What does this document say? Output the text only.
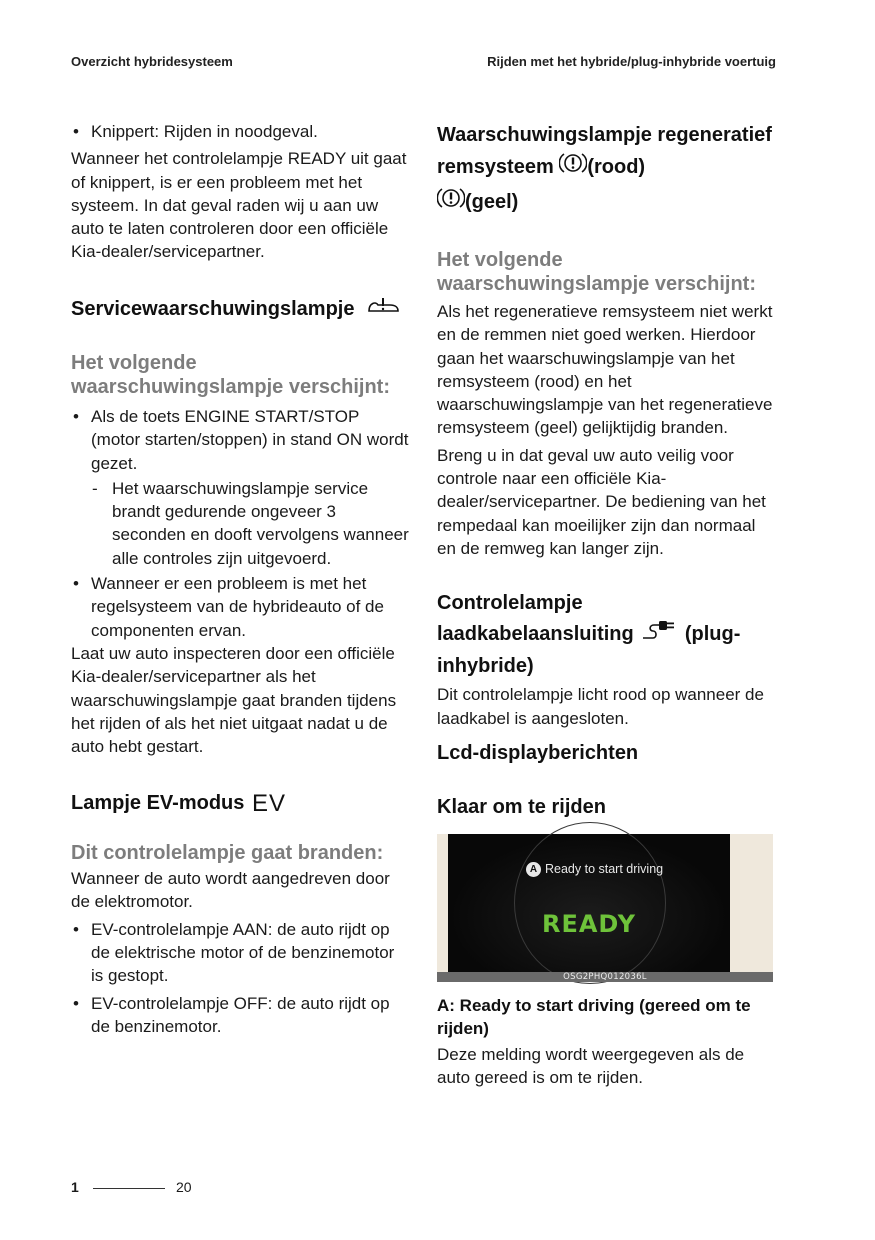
Overzicht hybridesysteem	Rijden met het hybride/plug-inhybride voertuig
• Knippert: Rijden in noodgeval.

Wanneer het controlelampje READY uit gaat of knippert, is er een probleem met het systeem. In dat geval raden wij u aan uw auto te laten controleren door een officiële Kia-dealer/servicepartner.

Servicewaarschuwingslampje
Het volgende waarschuwingslampje verschijnt:
• Als de toets ENGINE START/STOP (motor starten/stoppen) in stand ON wordt gezet.
- Het waarschuwingslampje service brandt gedurende ongeveer 3 seconden en dooft vervolgens wanneer alle controles zijn uitgevoerd.
• Wanneer er een probleem is met het regelsysteem van de hybrideauto of de componenten ervan.

Laat uw auto inspecteren door een officiële Kia-dealer/servicepartner als het waarschuwingslampje gaat branden tijdens het rijden of als het niet uitgaat nadat u de auto hebt gestart.

Lampje EV-modus EV
Dit controlelampje gaat branden:

Wanneer de auto wordt aangedreven door de elektromotor.

• EV-controlelampje AAN: de auto rijdt op de elektrische motor of de benzinemotor is gestopt.
• EV-controlelampje OFF: de auto rijdt op de benzinemotor.
Waarschuwingslampje regeneratief remsysteem (rood)
(geel)
Het volgende waarschuwingslampje verschijnt:

Als het regeneratieve remsysteem niet werkt en de remmen niet goed werken. Hierdoor gaan het waarschuwingslampje van het remsysteem (rood) en het waarschuwingslampje van het regeneratieve remsysteem (geel) gelijktijdig branden.

Breng u in dat geval uw auto veilig voor controle naar een officiële Kia-dealer/servicepartner. De bediening van het rempedaal kan moeilijker zijn dan normaal en de remweg kan langer zijn.

Controlelampje laadkabelaansluiting	(plug-inhybride)

Dit controlelampje licht rood op wanneer de laadkabel is aangesloten.

Lcd-displayberichten
Klaar om te rijden
A Ready to start driving
READY
OSG2PHQ012036L
A: Ready to start driving (gereed om te rijden)

Deze melding wordt weergegeven als de auto gereed is om te rijden.

1	20
